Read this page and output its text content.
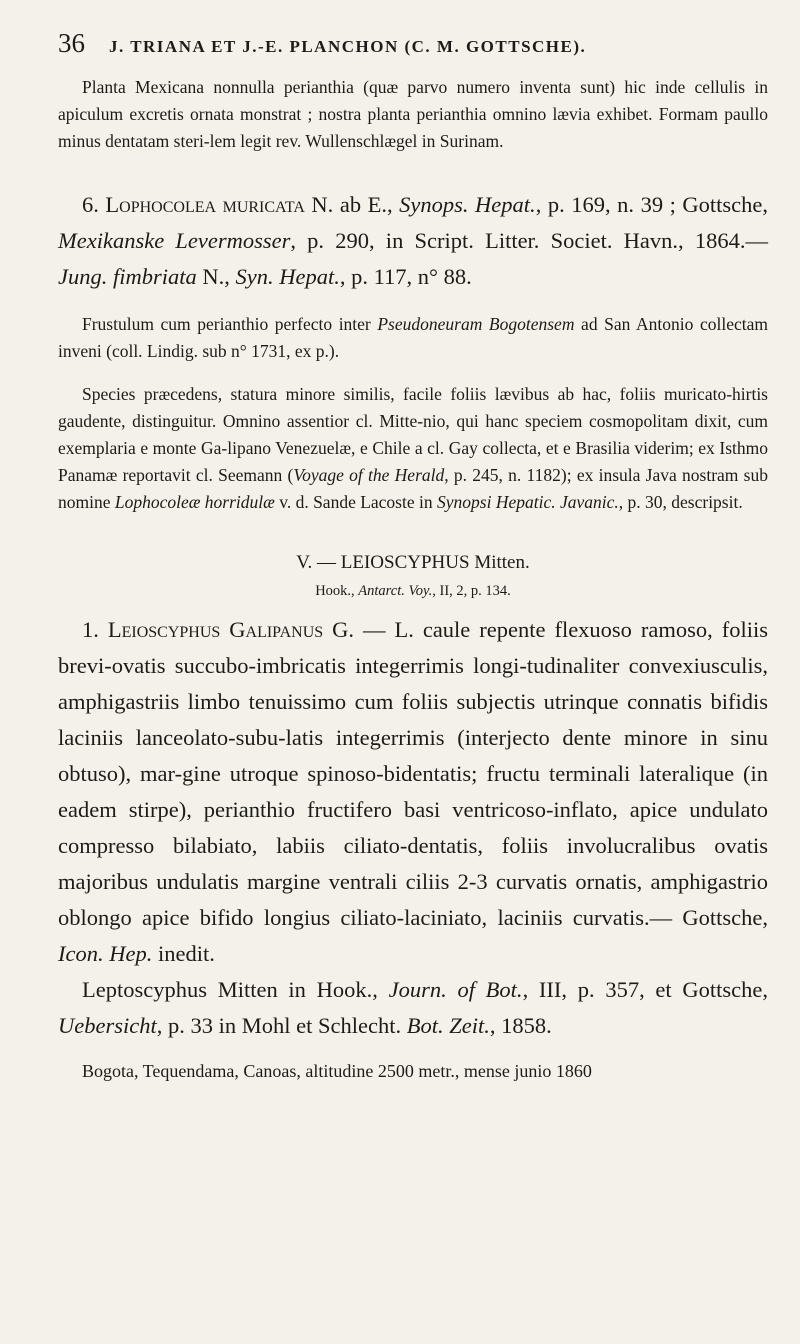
36 J. TRIANA ET J.-E. PLANCHON (C. M. GOTTSCHE).

Planta Mexicana nonnulla perianthia (quæ parvo numero inventa sunt) hic inde cellulis in apiculum excretis ornata monstrat ; nostra planta perianthia omnino lævia exhibet. Formam paullo minus dentatam steri-lem legit rev. Wullenschlægel in Surinam.

6. Lophocolea muricata N. ab E., Synops. Hepat., p. 169, n. 39 ; Gottsche, Mexikanske Levermosser, p. 290, in Script. Litter. Societ. Havn., 1864.— Jung. fimbriata N., Syn. Hepat., p. 117, n° 88.

Frustulum cum perianthio perfecto inter Pseudoneuram Bogotensem ad San Antonio collectam inveni (coll. Lindig. sub n° 1731, ex p.).

Species præcedens, statura minore similis, facile foliis lævibus ab hac, foliis muricato-hirtis gaudente, distinguitur. Omnino assentior cl. Mitte-nio, qui hanc speciem cosmopolitam dixit, cum exemplaria e monte Ga-lipano Venezuelæ, e Chile a cl. Gay collecta, et e Brasilia viderim; ex Isthmo Panamæ reportavit cl. Seemann (Voyage of the Herald, p. 245, n. 1182); ex insula Java nostram sub nomine Lophocoleæ horridulæ v. d. Sande Lacoste in Synopsi Hepatic. Javanic., p. 30, descripsit.

V. — LEIOSCYPHUS Mitten.

Hook., Antarct. Voy., II, 2, p. 134.

1. Leioscyphus Galipanus G. — L. caule repente flexuoso ramoso, foliis brevi-ovatis succubo-imbricatis integerrimis longi-tudinaliter convexiusculis, amphigastriis limbo tenuissimo cum foliis subjectis utrinque connatis bifidis laciniis lanceolato-subu-latis integerrimis (interjecto dente minore in sinu obtuso), mar-gine utroque spinoso-bidentatis; fructu terminali lateralique (in eadem stirpe), perianthio fructifero basi ventricoso-inflato, apice undulato compresso bilabiato, labiis ciliato-dentatis, foliis involucralibus ovatis majoribus undulatis margine ventrali ciliis 2-3 curvatis ornatis, amphigastrio oblongo apice bifido longius ciliato-laciniato, laciniis curvatis.— Gottsche, Icon. Hep. inedit.

Leptoscyphus Mitten in Hook., Journ. of Bot., III, p. 357, et Gottsche, Uebersicht, p. 33 in Mohl et Schlecht. Bot. Zeit., 1858.

Bogota, Tequendama, Canoas, altitudine 2500 metr., mense junio 1860
